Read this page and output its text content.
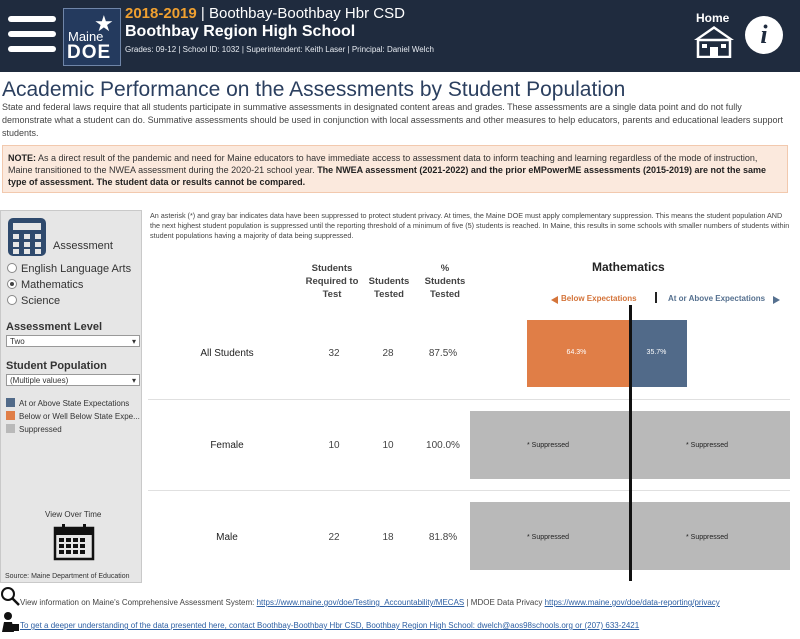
★
Maine
DOE
2018-2019 | Boothbay-Boothbay Hbr CSD
Boothbay Region High School
Grades: 09-12 | School ID: 1032 | Superintendent: Keith Laser | Principal: Daniel Welch
Home
i
Academic Performance on the Assessments by Student Population
State and federal laws require that all students participate in summative assessments in designated content areas and grades. These assessments are a single data point and do not fully demonstrate what a student can do. Summative assessments should be used in conjunction with local assessments and other measures to help educators, parents and educational leaders support students.
NOTE: As a direct result of the pandemic and need for Maine educators to have immediate access to assessment data to inform teaching and learning regardless of the mode of instruction, Maine transitioned to the NWEA assessment during the 2020-21 school year. The NWEA assessment (2021-2022) and the prior eMPowerME assessments (2015-2019) are not the same type of assessment. The student data or results cannot be compared.
Assessment
English Language Arts
Mathematics
Science
Assessment Level
Two ▾
Student Population
(Multiple values) ▾
At or Above State Expectations
Below or Well Below State Expe...
Suppressed
View Over Time
Source: Maine Department of Education
An asterisk (*) and gray bar indicates data have been suppressed to protect student privacy. At times, the Maine DOE must apply complementary suppression. This means the student population AND the next highest student population is suppressed until the reporting threshold of a minimum of five (5) students is reached. In Maine, this results in some schools with smaller numbers of students within student populations having a majority of data being suppressed.
Students Required to Test
Students Tested
% Students Tested
Mathematics
Below Expectations	At or Above Expectations
All Students	32	28	87.5%	64.3%	35.7%
Female	10	10	100.0%	* Suppressed	* Suppressed
Male	22	18	81.8%	* Suppressed	* Suppressed
View information on Maine's Comprehensive Assessment System: https://www.maine.gov/doe/Testing_Accountability/MECAS | MDOE Data Privacy https://www.maine.gov/doe/data-reporting/privacy
To get a deeper understanding of the data presented here, contact Boothbay-Boothbay Hbr CSD, Boothbay Region High School: dwelch@aos98schools.org or (207) 633-2421
